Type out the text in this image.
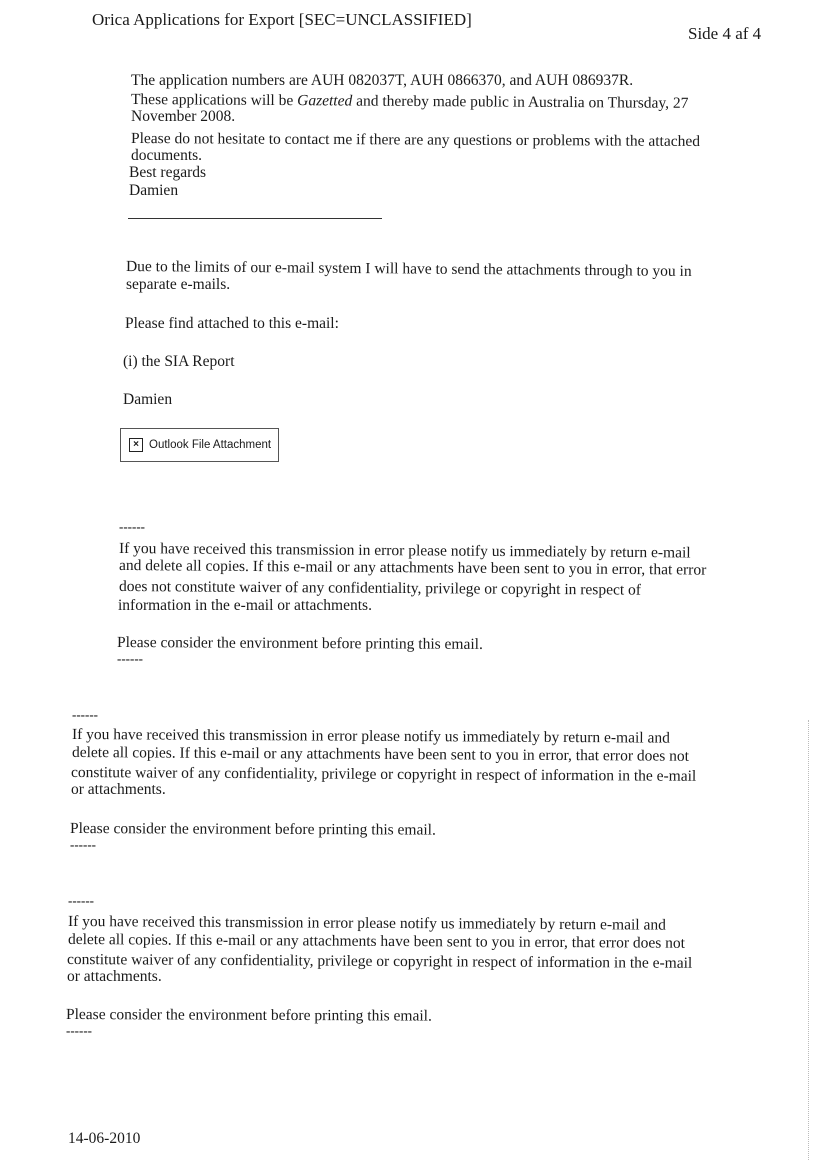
Orica Applications for Export [SEC=UNCLASSIFIED]
Side 4 af 4
The application numbers are AUH 082037T, AUH 0866370, and AUH 086937R.
These applications will be Gazetted and thereby made public in Australia on Thursday, 27
November 2008.
Please do not hesitate to contact me if there are any questions or problems with the attached
documents.
Best regards
Damien
Due to the limits of our e-mail system I will have to send the attachments through to you in
separate e-mails.
Please find attached to this e-mail:
(i) the SIA Report
Damien
× Outlook File Attachment
------
If you have received this transmission in error please notify us immediately by return e-mail
and delete all copies. If this e-mail or any attachments have been sent to you in error, that error
does not constitute waiver of any confidentiality, privilege or copyright in respect of
information in the e-mail or attachments.
Please consider the environment before printing this email.
------
------
If you have received this transmission in error please notify us immediately by return e-mail and
delete all copies. If this e-mail or any attachments have been sent to you in error, that error does not
constitute waiver of any confidentiality, privilege or copyright in respect of information in the e-mail
or attachments.
Please consider the environment before printing this email.
------
------
If you have received this transmission in error please notify us immediately by return e-mail and
delete all copies. If this e-mail or any attachments have been sent to you in error, that error does not
constitute waiver of any confidentiality, privilege or copyright in respect of information in the e-mail
or attachments.
Please consider the environment before printing this email.
------
14-06-2010
